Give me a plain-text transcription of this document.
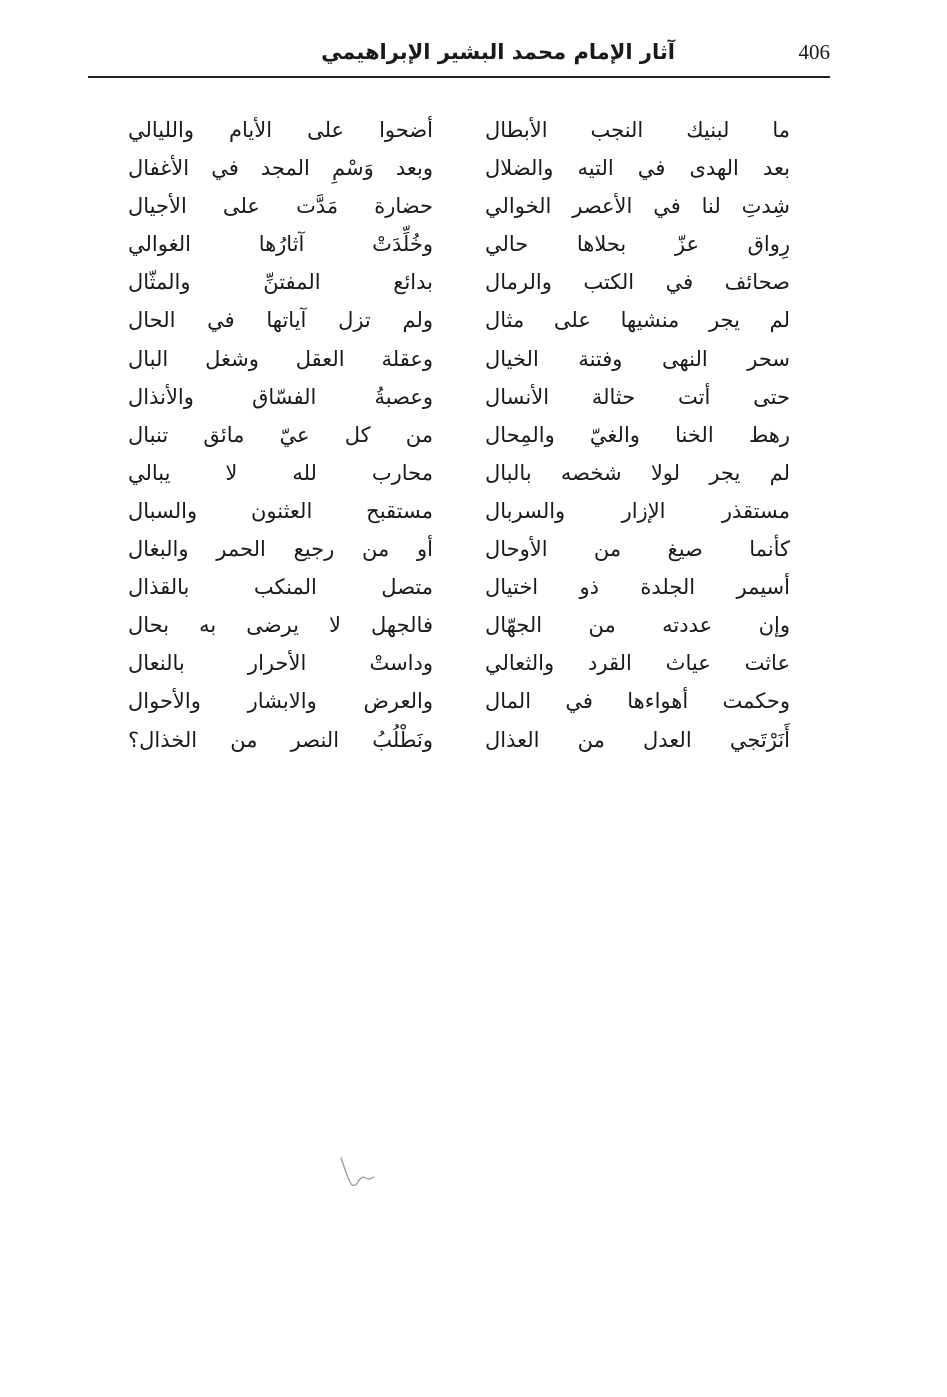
406
آثار الإمام محمد البشير الإبراهيمي
ما لبنيك النجب الأبطال
أضحوا على الأيام والليالي
بعد الهدى في التيه والضلال
وبعد وَسْمِ المجد في الأغفال
شِدتِ لنا في الأعصر الخوالي
حضارة مَدَّت على الأجيال
رِواق عزّ بحلاها حالي
وخُلِّدَتْ آثارُها الغوالي
صحائف في الكتب والرمال
بدائع المفتنِّ والمثّال
لم يجر منشيها على مثال
ولم تزل آياتها في الحال
سحر النهى وفتنة الخيال
وعقلة العقل وشغل البال
حتى أتت حثالة الأنسال
وعصبةُ الفسّاق والأنذال
رهط الخنا والغيّ والمِحال
من كل عيّ مائق تنبال
لم يجر لولا شخصه بالبال
محارب لله لا يبالي
مستقذر الإزار والسربال
مستقبح العثنون والسبال
كأنما صيغ من الأوحال
أو من رجيع الحمر والبغال
أسيمر الجلدة ذو اختيال
متصل المنكب بالقذال
وإن عددته من الجهّال
فالجهل لا يرضى به بحال
عاثت عياث القرد والثعالي
وداستْ الأحرار بالنعال
وحكمت أهواءها في المال
والعرض والابشار والأحوال
أَنَرْتَجي العدل من العذال
ونَطْلُبُ النصر من الخذال؟
